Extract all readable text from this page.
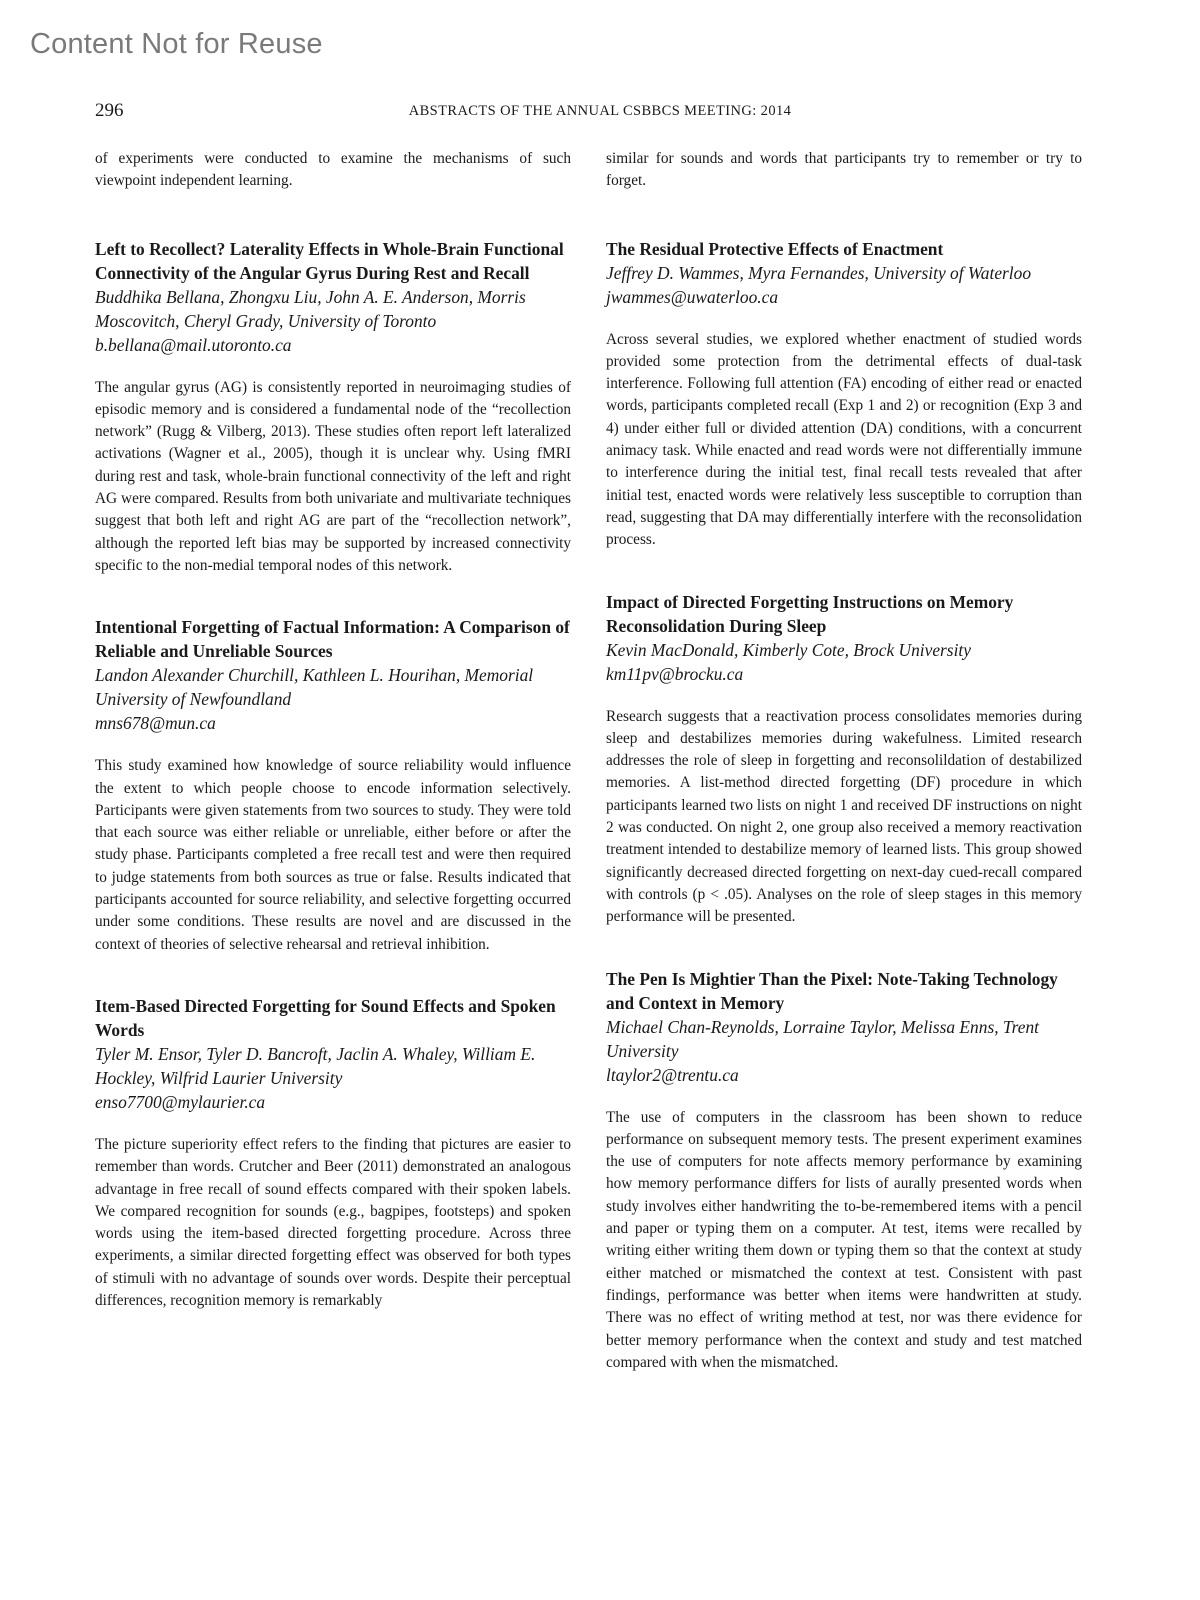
Content Not for Reuse
296	ABSTRACTS OF THE ANNUAL CSBBCS MEETING: 2014

of experiments were conducted to examine the mechanisms of such viewpoint independent learning.

Left to Recollect? Laterality Effects in Whole-Brain Functional Connectivity of the Angular Gyrus During Rest and Recall

Buddhika Bellana, Zhongxu Liu, John A. E. Anderson, Morris Moscovitch, Cheryl Grady, University of Toronto

b.bellana@mail.utoronto.ca

The angular gyrus (AG) is consistently reported in neuroimaging studies of episodic memory and is considered a fundamental node of the “recollection network” (Rugg & Vilberg, 2013). These studies often report left lateralized activations (Wagner et al., 2005), though it is unclear why. Using fMRI during rest and task, whole-brain functional connectivity of the left and right AG were compared. Results from both univariate and multivariate techniques suggest that both left and right AG are part of the “recollection network”, although the reported left bias may be supported by increased connectivity specific to the non-medial temporal nodes of this network.

Intentional Forgetting of Factual Information: A Comparison of Reliable and Unreliable Sources

Landon Alexander Churchill, Kathleen L. Hourihan, Memorial University of Newfoundland

mns678@mun.ca

This study examined how knowledge of source reliability would influence the extent to which people choose to encode information selectively. Participants were given statements from two sources to study. They were told that each source was either reliable or unreliable, either before or after the study phase. Participants completed a free recall test and were then required to judge statements from both sources as true or false. Results indicated that participants accounted for source reliability, and selective forgetting occurred under some conditions. These results are novel and are discussed in the context of theories of selective rehearsal and retrieval inhibition.

Item-Based Directed Forgetting for Sound Effects and Spoken Words

Tyler M. Ensor, Tyler D. Bancroft, Jaclin A. Whaley, William E. Hockley, Wilfrid Laurier University

enso7700@mylaurier.ca

The picture superiority effect refers to the finding that pictures are easier to remember than words. Crutcher and Beer (2011) demonstrated an analogous advantage in free recall of sound effects compared with their spoken labels. We compared recognition for sounds (e.g., bagpipes, footsteps) and spoken words using the item-based directed forgetting procedure. Across three experiments, a similar directed forgetting effect was observed for both types of stimuli with no advantage of sounds over words. Despite their perceptual differences, recognition memory is remarkably

similar for sounds and words that participants try to remember or try to forget.

The Residual Protective Effects of Enactment

Jeffrey D. Wammes, Myra Fernandes, University of Waterloo

jwammes@uwaterloo.ca

Across several studies, we explored whether enactment of studied words provided some protection from the detrimental effects of dual-task interference. Following full attention (FA) encoding of either read or enacted words, participants completed recall (Exp 1 and 2) or recognition (Exp 3 and 4) under either full or divided attention (DA) conditions, with a concurrent animacy task. While enacted and read words were not differentially immune to interference during the initial test, final recall tests revealed that after initial test, enacted words were relatively less susceptible to corruption than read, suggesting that DA may differentially interfere with the reconsolidation process.

Impact of Directed Forgetting Instructions on Memory Reconsolidation During Sleep

Kevin MacDonald, Kimberly Cote, Brock University

km11pv@brocku.ca

Research suggests that a reactivation process consolidates memories during sleep and destabilizes memories during wakefulness. Limited research addresses the role of sleep in forgetting and reconsolildation of destabilized memories. A list-method directed forgetting (DF) procedure in which participants learned two lists on night 1 and received DF instructions on night 2 was conducted. On night 2, one group also received a memory reactivation treatment intended to destabilize memory of learned lists. This group showed significantly decreased directed forgetting on next-day cued-recall compared with controls (p < .05). Analyses on the role of sleep stages in this memory performance will be presented.

The Pen Is Mightier Than the Pixel: Note-Taking Technology and Context in Memory

Michael Chan-Reynolds, Lorraine Taylor, Melissa Enns, Trent University

ltaylor2@trentu.ca

The use of computers in the classroom has been shown to reduce performance on subsequent memory tests. The present experiment examines the use of computers for note affects memory performance by examining how memory performance differs for lists of aurally presented words when study involves either handwriting the to-be-remembered items with a pencil and paper or typing them on a computer. At test, items were recalled by writing either writing them down or typing them so that the context at study either matched or mismatched the context at test. Consistent with past findings, performance was better when items were handwritten at study. There was no effect of writing method at test, nor was there evidence for better memory performance when the context and study and test matched compared with when the mismatched.
